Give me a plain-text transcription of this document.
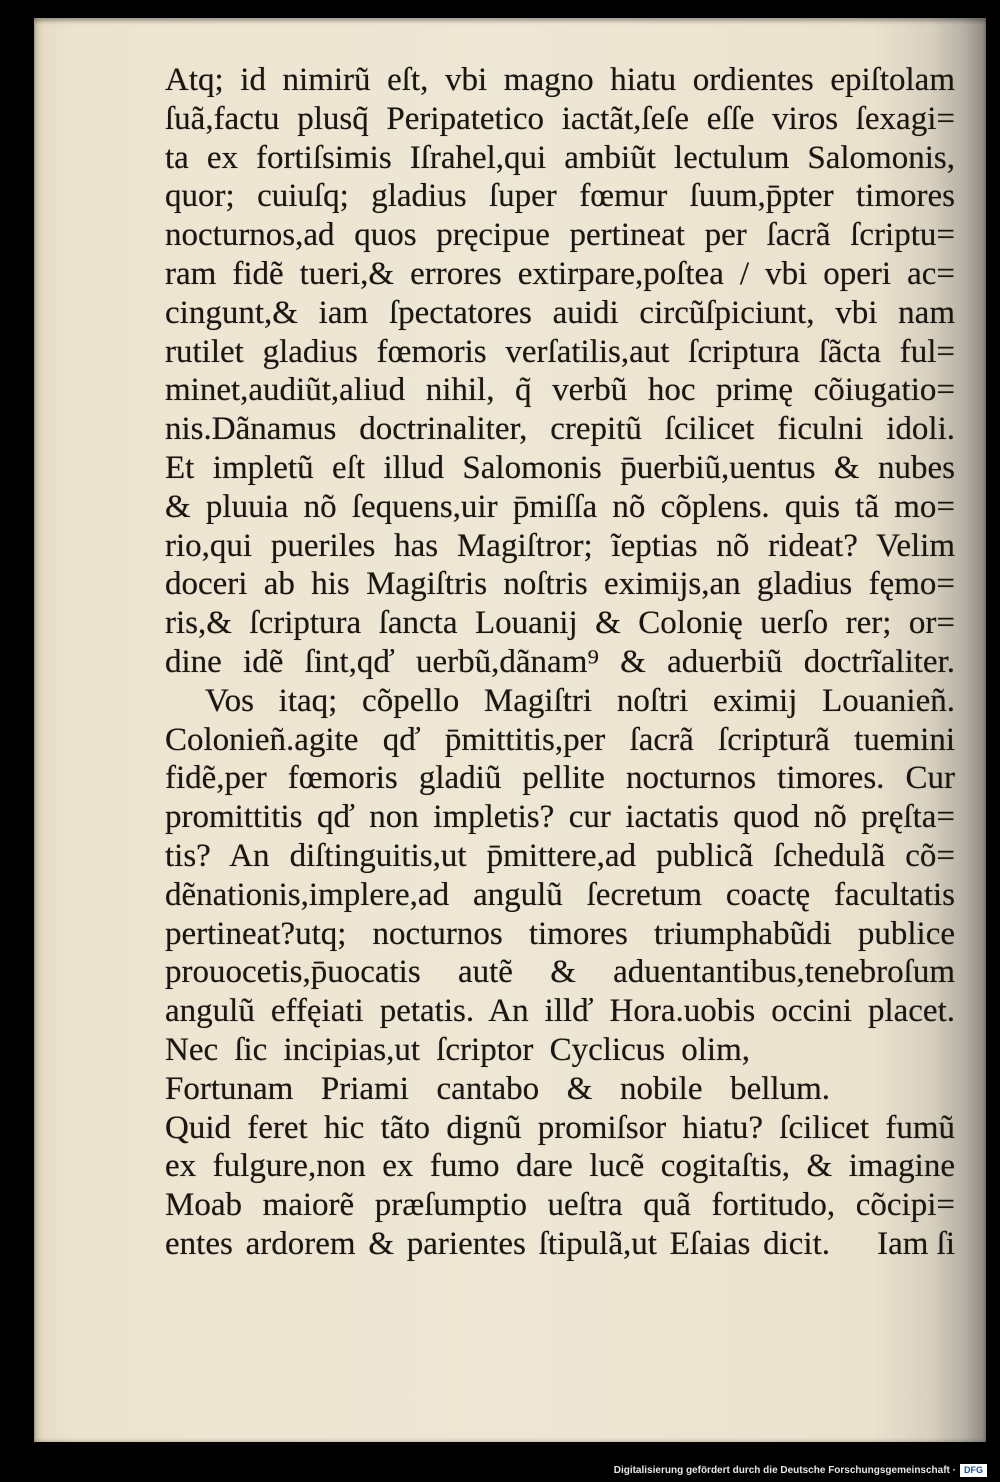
Atq; id nimirũ eſt, vbi magno hiatu ordientes epiſtolam
ſuã,factu plusq̃ Peripatetico iactãt,ſeſe eſſe viros ſexagi=
ta ex fortiſsimis Iſrahel,qui ambiũt lectulum Salomonis,
quor; cuiuſq; gladius ſuper fœmur ſuum,p̄pter timores
nocturnos,ad quos pręcipue pertineat per ſacrã ſcriptu=
ram fidẽ tueri,& errores extirpare,poſtea / vbi operi ac=
cingunt,& iam ſpectatores auidi circũſpiciunt, vbi nam
rutilet gladius fœmoris verſatilis,aut ſcriptura ſãcta ful=
minet,audiũt,aliud nihil, q̃ verbũ hoc primę cõiugatio=
nis.Dãnamus doctrinaliter, crepitũ ſcilicet ficulni idoli.
Et impletũ eſt illud Salomonis p̄uerbiũ,uentus & nubes
& pluuia nõ ſequens,uir p̄miſſa nõ cõplens. quis tã mo=
rio,qui pueriles has Magiſtror; ĩeptias nõ rideat? Velim
doceri ab his Magiſtris noſtris eximijs,an gladius fęmo=
ris,& ſcriptura ſancta Louanij & Colonię uerſo rer; or=
dine idẽ ſint,qď uerbũ,dãnam⁹ & aduerbiũ doctrĩaliter.
Vos itaq; cõpello Magiſtri noſtri eximij Louanieñ.
Colonieñ.agite qď p̄mittitis,per ſacrã ſcripturã tuemini
fidẽ,per fœmoris gladiũ pellite nocturnos timores. Cur
promittitis qď non impletis? cur iactatis quod nõ pręſta=
tis? An diſtinguitis,ut p̄mittere,ad publicã ſchedulã cõ=
dẽnationis,implere,ad angulũ ſecretum coactę facultatis
pertineat?utq; nocturnos timores triumphabũdi publice
prouocetis,p̄uocatis autẽ & aduentantibus,tenebroſum
angulũ effęiati petatis. An illď Hora.uobis occini placet.
Nec ſic incipias,ut ſcriptor Cyclicus olim,
Fortunam Priami cantabo & nobile bellum.
Quid feret hic tãto dignũ promiſsor hiatu? ſcilicet fumũ
ex fulgure,non ex fumo dare lucẽ cogitaſtis, & imagine
Moab maiorẽ præſumptio ueſtra quã fortitudo, cõcipi=
entes ardorem & parientes ſtipulã,ut Eſaias dicit. Iam ſi
Digitalisierung gefördert durch die Deutsche Forschungsgemeinschaft · DFG
